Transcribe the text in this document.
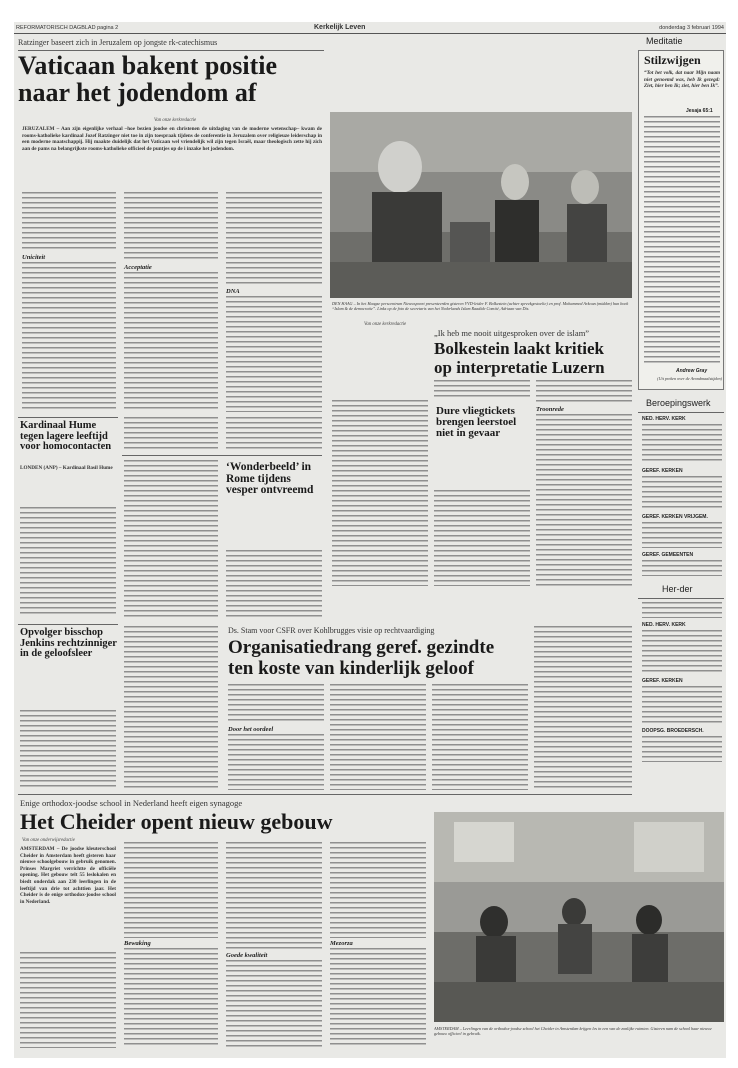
REFORMATORISCH DAGBLAD pagina 2	Kerkelijk Leven	donderdag 3 februari 1994
Ratzinger baseert zich in Jeruzalem op jongste rk-catechismus
Vaticaan bakent positie
naar het jodendom af
Van onze kerkredactie
JERUZALEM – Aan zijn eigenlijke verhaal –hoe bezien joodse en christenen de uitdaging van de moderne wetenschap– kwam de rooms-katholieke kardinaal Jozef Ratzinger niet toe in zijn toespraak tijdens de conferentie in Jeruzalem over religieuze leiderschap in een moderne maatschappij. Hij maakte duidelijk dat het Vaticaan wel vriendelijk wil zijn tegen Israël, maar theologisch zette hij zich aan de pams na belangrijkste rooms-katholieke officieel de puntjes op de i inzake het jodendom.
Uniciteit
Acceptatie
DNA
Kardinaal Hume tegen lagere leeftijd voor homocontacten
LONDEN (ANP) – Kardinaal Basil Hume	‘Wonderbeeld’ in Rome tijdens vesper ontvreemd
DEN HAAG – In het Haagse perscentrum Nieuwspoort presenteerden gisteren VVD-leider F. Bolkestein (achter spreekgestoelte) en prof. Mohammed Arkoun (midden) hun boek “Islam & de democratie”. Links op de foto de secretaris van het Nederlands Islam Raadide Comité, Adriaan van Dis.
„Ik heb me nooit uitgesproken over de islam”
Bolkestein laakt kritiek
op interpretatie Luzern
Van onze kerkredactie
Dure vliegtickets brengen leerstoel niet in gevaar
Troonrede
Meditatie
Stilzwijgen
“Tot het volk, dat naar Mijn naam niet genoemd was, heb Ik gezegd: Ziet, hier ben Ik; ziet, hier ben Ik”.
Jesaja 65:1
Andrew Gray
(Uit preken over de Avondmaalstijden)
Beroepingswerk
NED. HERV. KERK
GEREF. KERKEN
GEREF. KERKEN VRIJGEM.
GEREF. GEMEENTEN
Her-der
NED. HERV. KERK
GEREF. KERKEN
DOOPSG. BROEDERSCH.
Opvolger bisschop Jenkins rechtzinniger in de geloofsleer
Ds. Stam voor CSFR over Kohlbrugges visie op rechtvaardiging
Organisatiedrang geref. gezindte
ten koste van kinderlijk geloof
Door het oordeel
Enige orthodox-joodse school in Nederland heeft eigen synagoge
Het Cheider opent nieuw gebouw
Van onze onderwijsredactie
AMSTERDAM – De joodse kleuterschool Cheider in Amsterdam heeft gisteren haar nieuwe schoolgebouw in gebruik genomen. Prinses Margriet verrichtte de officiële opening. Het gebouw telt 55 leslokalen en biedt onderdak aan 230 leerlingen in de leeftijd van drie tot achttien jaar. Het Cheider is de enige orthodox-joodse school in Nederland.
Bewaking
Goede kwaliteit
Mezorza
AMSTERDAM – Leerlingen van de orthodox-joodse school het Cheider in Amsterdam krijgen les in een van de zonlijke ruimten. Gisteren nam de school haar nieuwe gebouw officieel in gebruik.
